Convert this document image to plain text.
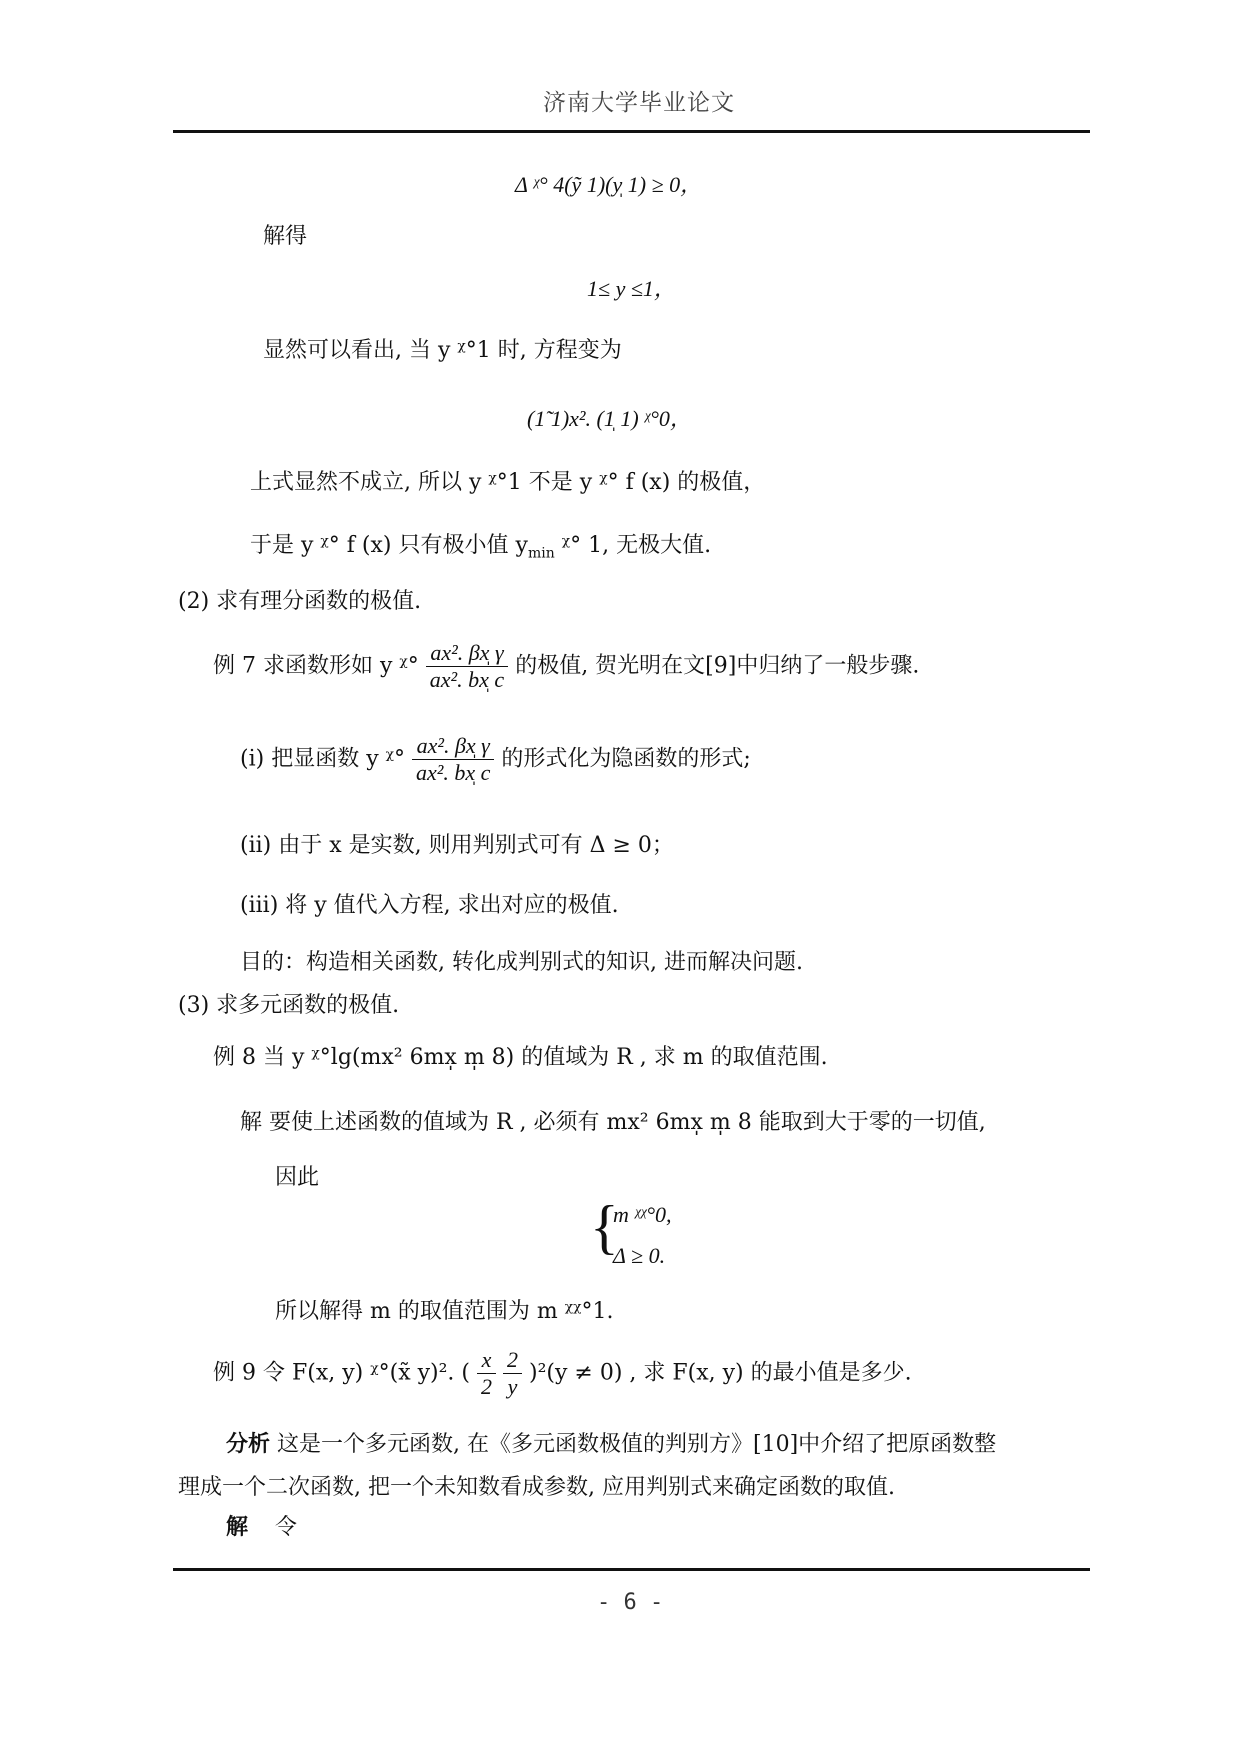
济南大学毕业论文
Δ ᵡ° 4(ỹ 1)(y̩ 1) ≥ 0，
解得
1≤ y ≤1，
显然可以看出, 当 y ᵡ°1 时, 方程变为
(1̃ 1)x². (1̩ 1) ᵡ°0，
上式显然不成立, 所以 y ᵡ°1 不是 y ᵡ° f (x) 的极值，
于是 y ᵡ° f (x) 只有极小值 $y_{min}$ ᵡ° 1, 无极大值.
(2) 求有理分函数的极值.
例 7 求函数形如 y ᵡ° $\frac{\text{ax². βx̩ γ}}{\text{ax². bx̩ c}}$ 的极值, 贺光明在文[9]中归纳了一般步骤.
(i) 把显函数 y ᵡ° $\frac{\text{ax². βx̩ γ}}{\text{ax². bx̩ c}}$ 的形式化为隐函数的形式;
(ii) 由于 x 是实数, 则用判别式可有 Δ ≥ 0；
(iii) 将 y 值代入方程, 求出对应的极值.
目的：构造相关函数, 转化成判别式的知识, 进而解决问题.
(3) 求多元函数的极值.
例 8 当 y ᵡ°lg(mx² 6mx̩ m̩ 8) 的值域为 R , 求 m 的取值范围.
解 要使上述函数的值域为 R , 必须有 mx² 6mx̩ m̩ 8 能取到大于零的一切值,
因此
{
m ᵡᵡ°0,
Δ ≥ 0.
所以解得 m 的取值范围为 m ᵡᵡ°1.
例 9 令 F(x, y) ᵡ°(x̃ y)². ( $\frac{x}{2}$
$\frac{2}{y} )^2(y \ne 0)$ , 求 F(x, y) 的最小值是多少.
分析 这是一个多元函数, 在《多元函数极值的判别方》[10]中介绍了把原函数整
理成一个二次函数, 把一个未知数看成参数, 应用判别式来确定函数的取值.
解 令
- 6 -
